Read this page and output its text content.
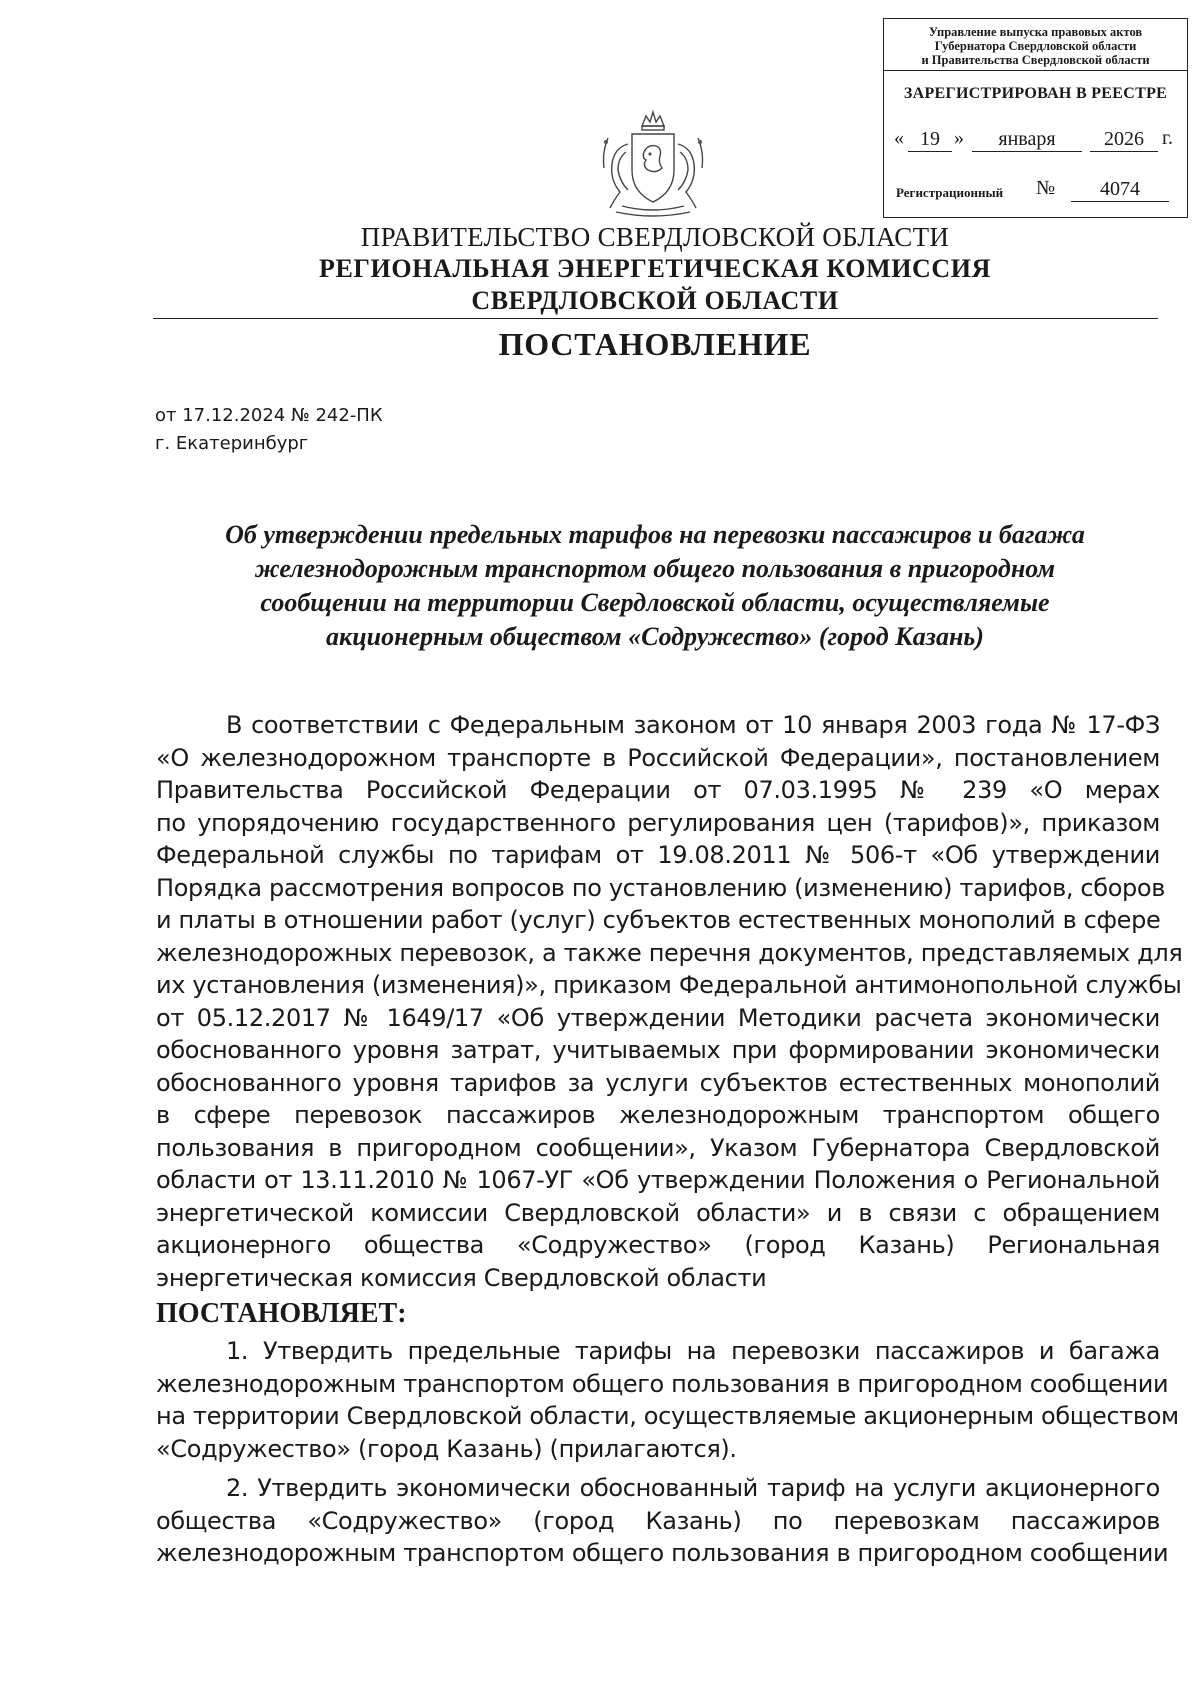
Управление выпуска правовых актов
Губернатора Свердловской области
и Правительства Свердловской области
ЗАРЕГИСТРИРОВАН В РЕЕСТРЕ
« 19 »	января	2026 г.
Регистрационный №	4074
ПРАВИТЕЛЬСТВО СВЕРДЛОВСКОЙ ОБЛАСТИ
РЕГИОНАЛЬНАЯ ЭНЕРГЕТИЧЕСКАЯ КОМИССИЯ
СВЕРДЛОВСКОЙ ОБЛАСТИ
ПОСТАНОВЛЕНИЕ
от 17.12.2024 № 242-ПК
г. Екатеринбург
Об утверждении предельных тарифов на перевозки пассажиров и багажа
железнодорожным транспортом общего пользования в пригородном
сообщении на территории Свердловской области, осуществляемые
акционерным обществом «Содружество» (город Казань)
В соответствии с Федеральным законом от 10 января 2003 года № 17-ФЗ
«О железнодорожном транспорте в Российской Федерации», постановлением
Правительства Российской Федерации от 07.03.1995 № 239 «О мерах
по упорядочению государственного регулирования цен (тарифов)», приказом
Федеральной службы по тарифам от 19.08.2011 № 506-т «Об утверждении
Порядка рассмотрения вопросов по установлению (изменению) тарифов, сборов
и платы в отношении работ (услуг) субъектов естественных монополий в сфере
железнодорожных перевозок, а также перечня документов, представляемых для
их установления (изменения)», приказом Федеральной антимонопольной службы
от 05.12.2017 № 1649/17 «Об утверждении Методики расчета экономически
обоснованного уровня затрат, учитываемых при формировании экономически
обоснованного уровня тарифов за услуги субъектов естественных монополий
в сфере перевозок пассажиров железнодорожным транспортом общего
пользования в пригородном сообщении», Указом Губернатора Свердловской
области от 13.11.2010 № 1067-УГ «Об утверждении Положения о Региональной
энергетической комиссии Свердловской области» и в связи с обращением
акционерного общества «Содружество» (город Казань) Региональная
энергетическая комиссия Свердловской области
ПОСТАНОВЛЯЕТ:
1. Утвердить предельные тарифы на перевозки пассажиров и багажа
железнодорожным транспортом общего пользования в пригородном сообщении
на территории Свердловской области, осуществляемые акционерным обществом
«Содружество» (город Казань) (прилагаются).
2. Утвердить экономически обоснованный тариф на услуги акционерного
общества «Содружество» (город Казань) по перевозкам пассажиров
железнодорожным транспортом общего пользования в пригородном сообщении
